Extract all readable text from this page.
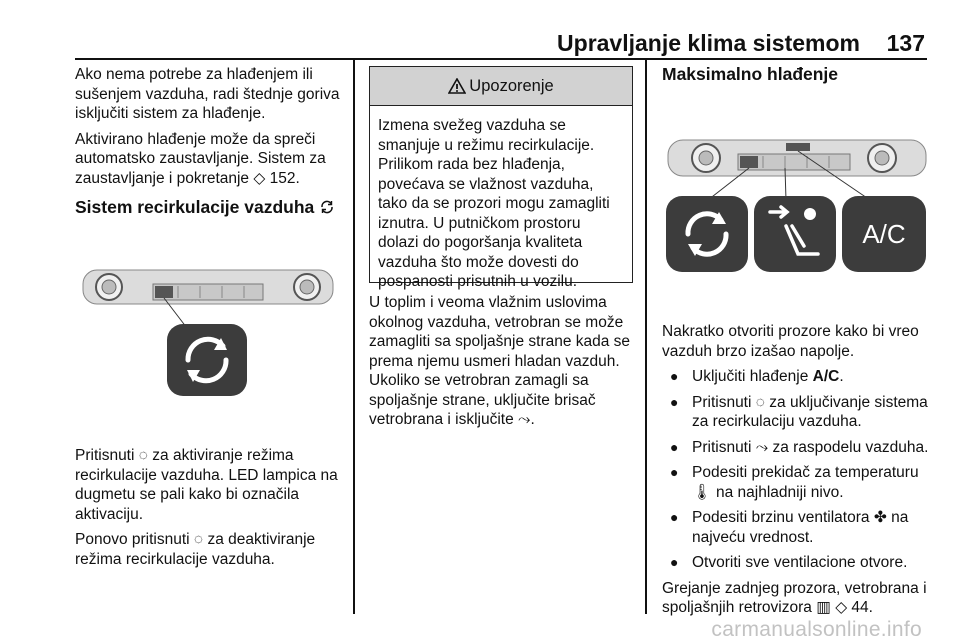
Upravljanje klima sistemom 137

Ako nema potrebe za hlađenjem ili sušenjem vazduha, radi štednje goriva isključiti sistem za hlađenje.

Aktivirano hlađenje može da spreči automatsko zaustavljanje. Sistem za zaustavljanje i pokretanje ◇ 152.

Sistem recirkulacije vazduha

Pritisnuti ◌ za aktiviranje režima recirkulacije vazduha. LED lampica na dugmetu se pali kako bi označila aktivaciju.

Ponovo pritisnuti ◌ za deaktiviranje režima recirkulacije vazduha.

Upozorenje
Izmena svežeg vazduha se smanjuje u režimu recirkulacije. Prilikom rada bez hlađenja, povećava se vlažnost vazduha, tako da se prozori mogu zamagliti iznutra. U putničkom prostoru dolazi do pogoršanja kvaliteta vazduha što može dovesti do pospanosti prisutnih u vozilu.

U toplim i veoma vlažnim uslovima okolnog vazduha, vetrobran se može zamagliti sa spoljašnje strane kada se prema njemu usmeri hladan vazduh. Ukoliko se vetrobran zamagli sa spoljašnje strane, uključite brisač vetrobrana i isključite ⤳.

Maksimalno hlađenje

A/C

Nakratko otvoriti prozore kako bi vreo vazduh brzo izašao napolje.

● Uključiti hlađenje A/C.
● Pritisnuti ◌ za uključivanje sistema za recirkulaciju vazduha.
● Pritisnuti ⤳ za raspodelu vazduha.
● Podesiti prekidač za temperaturu 🌡︎ na najhladniji nivo.
● Podesiti brzinu ventilatora ✤ na najveću vrednost.
● Otvoriti sve ventilacione otvore.

Grejanje zadnjeg prozora, vetrobrana i spoljašnjih retrovizora ▥ ◇ 44.

carmanualsonline.info
